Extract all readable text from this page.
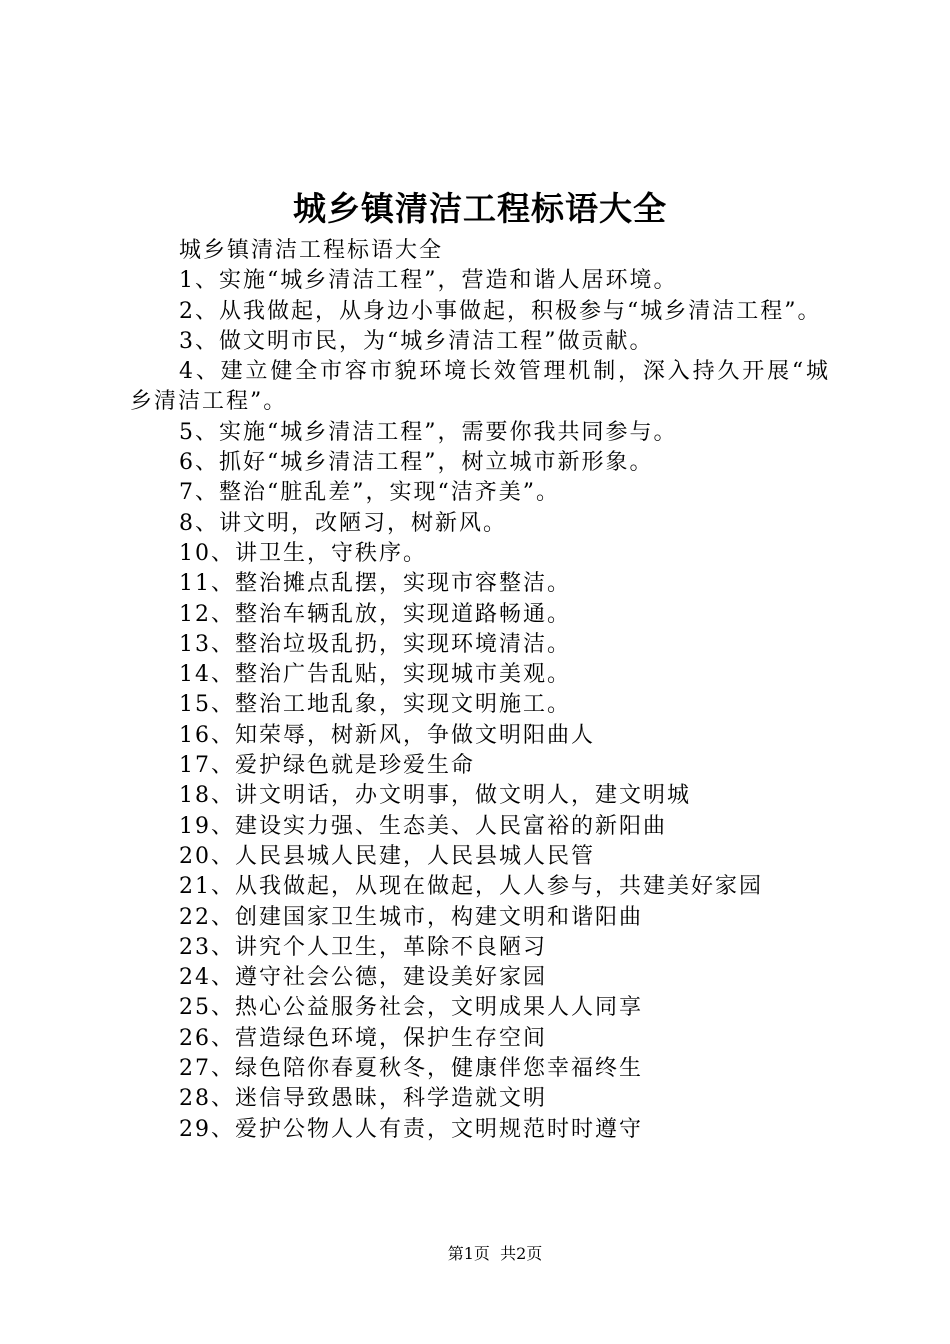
城乡镇清洁工程标语大全

城乡镇清洁工程标语大全

1、实施“城乡清洁工程”，营造和谐人居环境。

2、从我做起，从身边小事做起，积极参与“城乡清洁工程”。

3、做文明市民，为“城乡清洁工程”做贡献。

4、建立健全市容市貌环境长效管理机制，深入持久开展“城乡清洁工程”。

5、实施“城乡清洁工程”，需要你我共同参与。

6、抓好“城乡清洁工程”，树立城市新形象。

7、整治“脏乱差”，实现“洁齐美”。

8、讲文明，改陋习，树新风。

10、讲卫生，守秩序。

11、整治摊点乱摆，实现市容整洁。

12、整治车辆乱放，实现道路畅通。

13、整治垃圾乱扔，实现环境清洁。

14、整治广告乱贴，实现城市美观。

15、整治工地乱象，实现文明施工。

16、知荣辱，树新风，争做文明阳曲人

17、爱护绿色就是珍爱生命

18、讲文明话，办文明事，做文明人，建文明城

19、建设实力强、生态美、人民富裕的新阳曲

20、人民县城人民建，人民县城人民管

21、从我做起，从现在做起，人人参与，共建美好家园

22、创建国家卫生城市，构建文明和谐阳曲

23、讲究个人卫生，革除不良陋习

24、遵守社会公德，建设美好家园

25、热心公益服务社会，文明成果人人同享

26、营造绿色环境，保护生存空间

27、绿色陪你春夏秋冬，健康伴您幸福终生

28、迷信导致愚昧，科学造就文明

29、爱护公物人人有责，文明规范时时遵守

第1页  共2页
